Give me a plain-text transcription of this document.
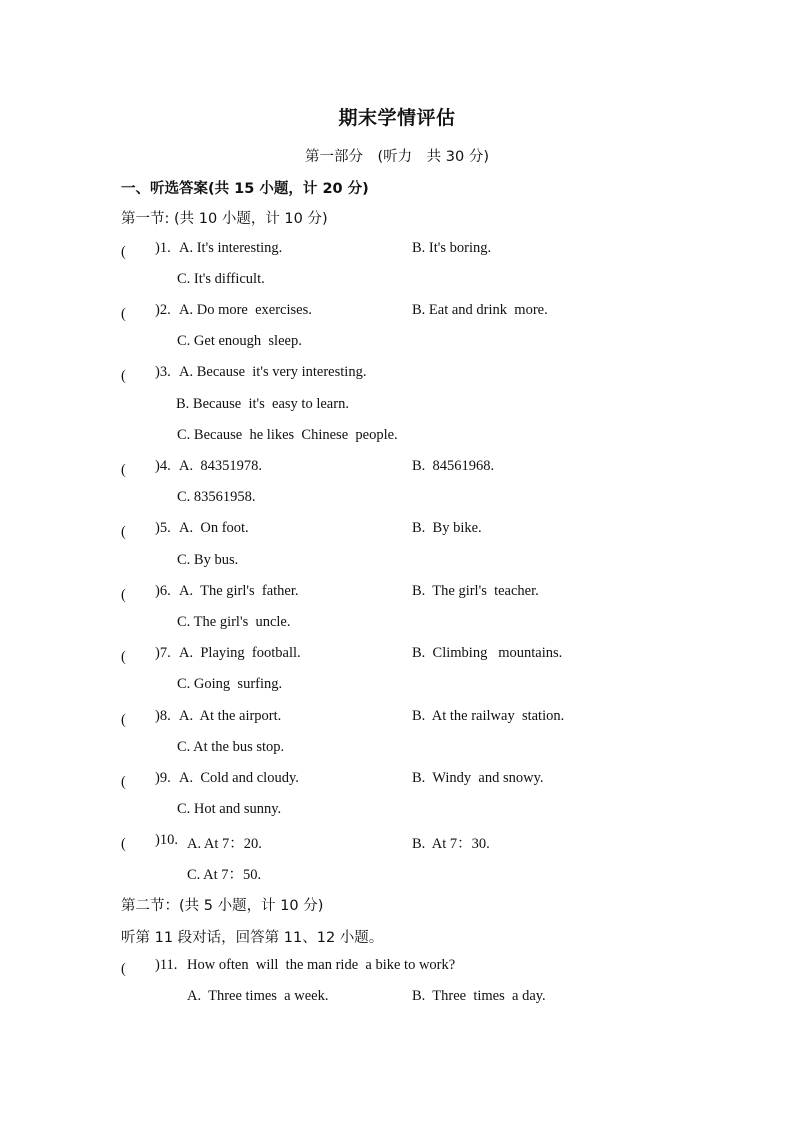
期末学情评估
第一部分　(听力　共 30 分)
一、听选答案(共 15 小题，计 20 分)
第一节: (共 10 小题，计 10 分)
(　　 )1. A. It's interesting.	B. It's boring.
C. It's difficult.
(　　 )2. A. Do more  exercises.	B. Eat and drink  more.
C. Get enough  sleep.
(　　 )3. A. Because  it's very interesting.
B. Because  it's  easy to learn.
C. Because  he likes  Chinese  people.
(　　 )4. A.  84351978.	B.  84561968.
C. 83561958.
(　　 )5. A.  On foot.	B.  By bike.
C. By bus.
(　　 )6. A.  The girl's  father.	B.  The girl's  teacher.
C. The girl's  uncle.
(　　 )7. A.  Playing  football.	B.  Climbing   mountains.
C. Going  surfing.
(　　 )8. A.  At the airport.	B.  At the railway  station.
C. At the bus stop.
(　　 )9. A.  Cold and cloudy.	B.  Windy  and snowy.
C. Hot and sunny.
(　　 )10. A. At 7：20.	B.  At 7：30.
C. At 7：50.
第二节：(共 5 小题，计 10 分)
听第 11 段对话，回答第 11、12 小题。
(　　 )11. How often  will  the man ride  a bike to work?
A.  Three times  a week.	B.  Three  times  a day.
